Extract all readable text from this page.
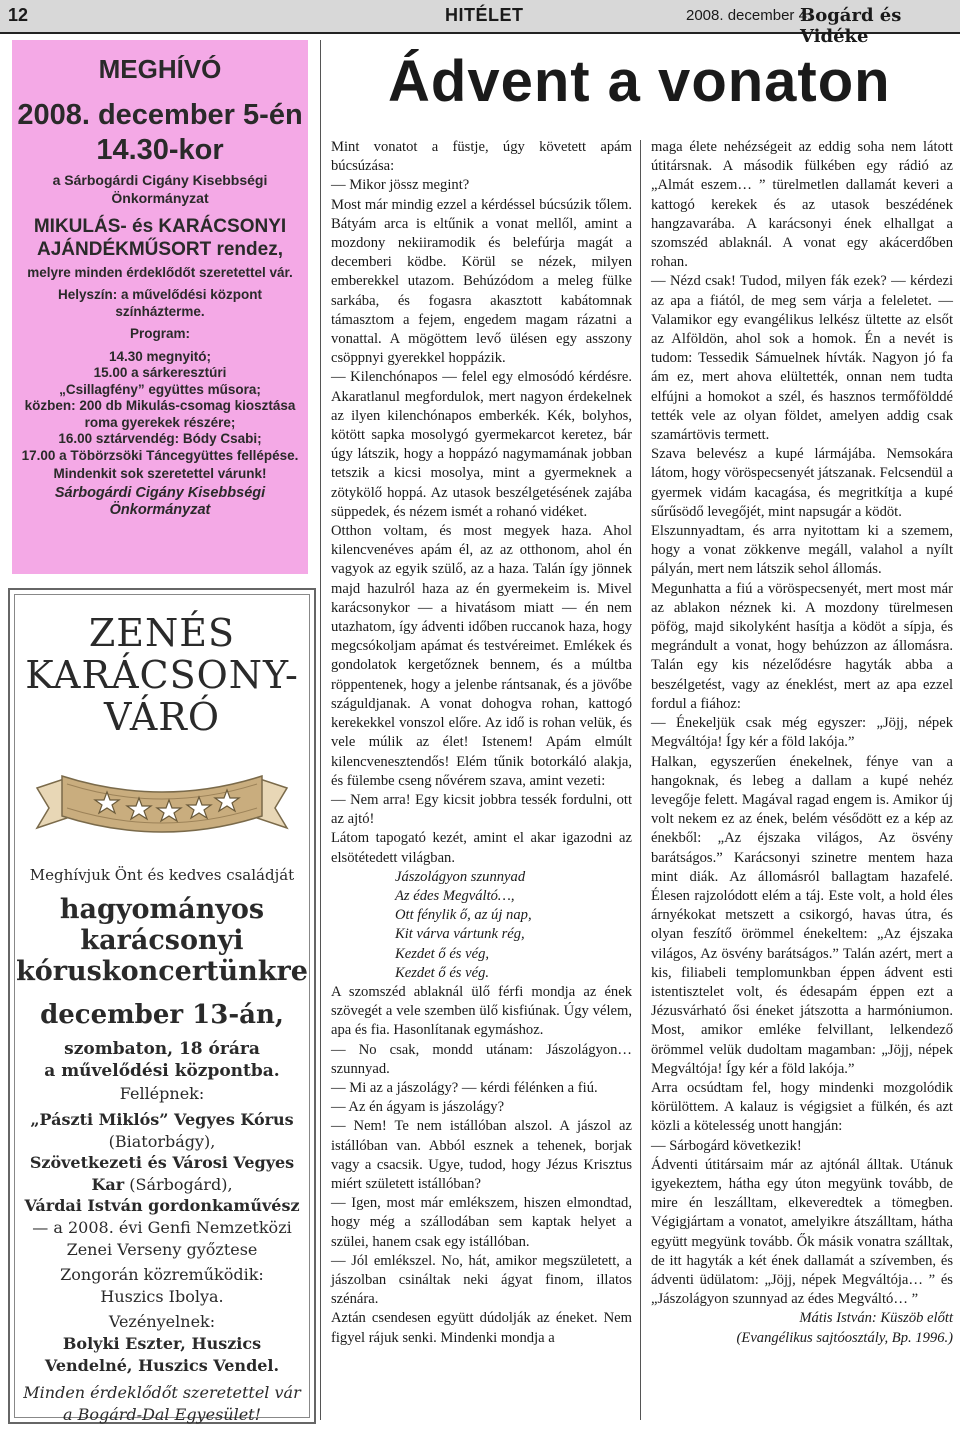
12	HITÉLET	2008. december 4.
Bogárd és Vidéke
MEGHÍVÓ
2008. december 5-én
14.30-kor
a Sárbogárdi Cigány Kisebbségi
Önkormányzat
MIKULÁS- és KARÁCSONYI
AJÁNDÉKMŰSORT rendez,
melyre minden érdeklődőt szeretettel vár.
Helyszín: a művelődési központ
színházterme.
Program:
14.30 megnyitó;
15.00 a sárkeresztúri
„Csillagfény” együttes műsora;
közben: 200 db Mikulás-csomag kiosztása
roma gyerekek részére;
16.00 sztárvendég: Bódy Csabi;
17.00 a Töbörzsöki Táncegyüttes fellépése.
Mindenkit sok szeretettel várunk!
Sárbogárdi Cigány Kisebbségi
Önkormányzat
ZENÉS
KARÁCSONY-
VÁRÓ
Meghívjuk Önt és kedves családját
hagyományos
karácsonyi
kóruskoncertünkre
december 13-án,
szombaton, 18 órára
a művelődési központba.
Fellépnek:
„Pászti Miklós” Vegyes Kórus
(Biatorbágy),
Szövetkezeti és Városi Vegyes
Kar (Sárbogárd),
Várdai István gordonkaművész
— a 2008. évi Genfi Nemzetközi
Zenei Verseny győztese
Zongorán közreműködik:
Huszics Ibolya.
Vezényelnek:
Bolyki Eszter, Huszics
Vendelné, Huszics Vendel.
Minden érdeklődőt szeretettel vár
a Bogárd-Dal Egyesület!
Ádvent a vonaton

Mint vonatot a füstje, úgy követett apám búcsúzása:

— Mikor jössz megint?

Most már mindig ezzel a kérdéssel búcsúzik tőlem. Bátyám arca is eltűnik a vonat mellől, amint a mozdony nekiiramodik és belefúrja magát a decemberi ködbe. Körül se nézek, milyen emberekkel utazom. Behúzódom a meleg fülke sarkába, és fogasra akasztott kabátomnak támasztom a fejem, engedem magam rázatni a vonattal. A mögöttem levő ülésen egy asszony csöppnyi gyerekkel hoppázik.

— Kilenchónapos — felel egy elmosódó kérdésre. Akaratlanul megfordulok, mert nagyon érdekelnek az ilyen kilenchónapos emberkék. Kék, bolyhos, kötött sapka mosolygó gyermekarcot keretez, bár úgy látszik, hogy a hoppázó nagymamának jobban tetszik a kicsi mosolya, mint a gyermeknek a zötykölő hoppá. Az utasok beszélgetésének zajába süppedek, és nézem ismét a rohanó vidéket.

Otthon voltam, és most megyek haza. Ahol kilencvenéves apám él, az az otthonom, ahol én vagyok az egyik szülő, az a haza. Talán így jönnek majd hazulról haza az én gyermekeim is. Mivel karácsonykor — a hivatásom miatt — én nem utazhatom, így ádventi időben ruccanok haza, hogy megcsókoljam apámat és testvéreimet. Emlékek és gondolatok kergetőznek bennem, és a múltba röppentenek, hogy a jelenbe rántsanak, és a jövőbe száguldjanak. A vonat dohogva rohan, kattogó kerekekkel vonszol előre. Az idő is rohan velük, és vele múlik az élet! Istenem! Apám elmúlt kilencvenesztendős! Elém tűnik botorkáló alakja, és fülembe cseng nővérem szava, amint vezeti:

— Nem arra! Egy kicsit jobbra tessék fordulni, ott az ajtó!

Látom tapogató kezét, amint el akar igazodni az elsötétedett világban.

Jászolágyon szunnyad

Az édes Megváltó…,

Ott fénylik ő, az új nap,

Kit várva vártunk rég,

Kezdet ő és vég,

Kezdet ő és vég.

A szomszéd ablaknál ülő férfi mondja az ének szövegét a vele szemben ülő kisfiúnak. Úgy vélem, apa és fia. Hasonlítanak egymáshoz.

— No csak, mondd utánam: Jászolágyon… szunnyad.

— Mi az a jászolágy? — kérdi félénken a fiú.

— Az én ágyam is jászolágy?

— Nem! Te nem istállóban alszol. A jászol az istállóban van. Abból esznek a tehenek, borjak vagy a csacsik. Ugye, tudod, hogy Jézus Krisztus miért született istállóban?

— Igen, most már emlékszem, hiszen elmondtad, hogy még a szállodában sem kaptak helyet a szülei, hanem csak egy istállóban.

— Jól emlékszel. No, hát, amikor megszületett, a jászolban csináltak neki ágyat finom, illatos szénára.

Aztán csendesen együtt dúdolják az éneket. Nem figyel rájuk senki. Mindenki mondja a

maga élete nehézségeit az eddig soha nem látott útitársnak. A második fülkében egy rádió az „Almát eszem… ” türelmetlen dallamát keveri a kattogó kerekek és az utasok beszédének hangzavarába. A karácsonyi ének elhallgat a szomszéd ablaknál. A vonat egy akácerdőben rohan.

— Nézd csak! Tudod, milyen fák ezek? — kérdezi az apa a fiától, de meg sem várja a feleletet. — Valamikor egy evangélikus lelkész ültette az elsőt az Alföldön, ahol sok a homok. Én a nevét is tudom: Tessedik Sámuelnek hívták. Nagyon jó fa ám ez, mert ahova elültették, onnan nem tudta elfújni a homokot a szél, és hasznos termőfölddé tették vele az olyan földet, amelyen addig csak szamártövis termett.

Szava belevész a kupé lármájába. Nemsokára látom, hogy vöröspecsenyét játszanak. Felcsendül a gyermek vidám kacagása, és megritkítja a kupé sűrűsödő levegőjét, mint napsugár a ködöt.

Elszunnyadtam, és arra nyitottam ki a szemem, hogy a vonat zökkenve megáll, valahol a nyílt pályán, mert nem látszik sehol állomás.

Megunhatta a fiú a vöröspecsenyét, mert most már az ablakon néznek ki. A mozdony türelmesen pöfög, majd sikolyként hasítja a ködöt a sípja, és megrándult a vonat, hogy behúzzon az állomásra. Talán egy kis nézelődésre hagyták abba a beszélgetést, vagy az éneklést, mert az apa ezzel fordul a fiához:

— Énekeljük csak még egyszer: „Jöjj, népek Megváltója! Így kér a föld lakója.”

Halkan, egyszerűen énekelnek, fénye van a hangoknak, és lebeg a dallam a kupé nehéz levegője felett. Magával ragad engem is. Amikor új volt nekem ez az ének, belém vésődött ez a kép az énekből: „Az éjszaka világos, Az ösvény barátságos.” Karácsonyi szinetre mentem haza mint diák. Az állomásról ballagtam hazafelé. Élesen rajzolódott elém a táj. Este volt, a hold éles árnyékokat metszett a csikorgó, havas útra, és olyan feszítő örömmel énekeltem: „Az éjszaka világos, Az ösvény barátságos.” Talán azért, mert a kis, filiabeli templomunkban éppen ádvent esti istentisztelet volt, és édesapám éppen ezt a Jézusvárható ősi éneket játszotta a harmóniumon. Most, amikor emléke felvillant, lelkendező örömmel velük dudoltam magamban: „Jöjj, népek Megváltója! Így kér a föld lakója.”

Arra ocsúdtam fel, hogy mindenki mozgolódik körülöttem. A kalauz is végigsiet a fülkén, és azt közli a kötelesség unott hangján:

— Sárbogárd következik!

Ádventi útitársaim már az ajtónál álltak. Utánuk igyekeztem, hátha egy úton megyünk tovább, de mire én leszálltam, elkeveredtek a tömegben. Végigjártam a vonatot, amelyikre átszálltam, hátha együtt megyünk tovább. Ők másik vonatra szálltak, de itt hagyták a két ének dallamát a szívemben, és ádventi üdülatom: „Jöjj, népek Megváltója… ” és „Jászolágyon szunnyad az édes Megváltó… ”

Mátis István: Küszöb előtt

(Evangélikus sajtóosztály, Bp. 1996.)
